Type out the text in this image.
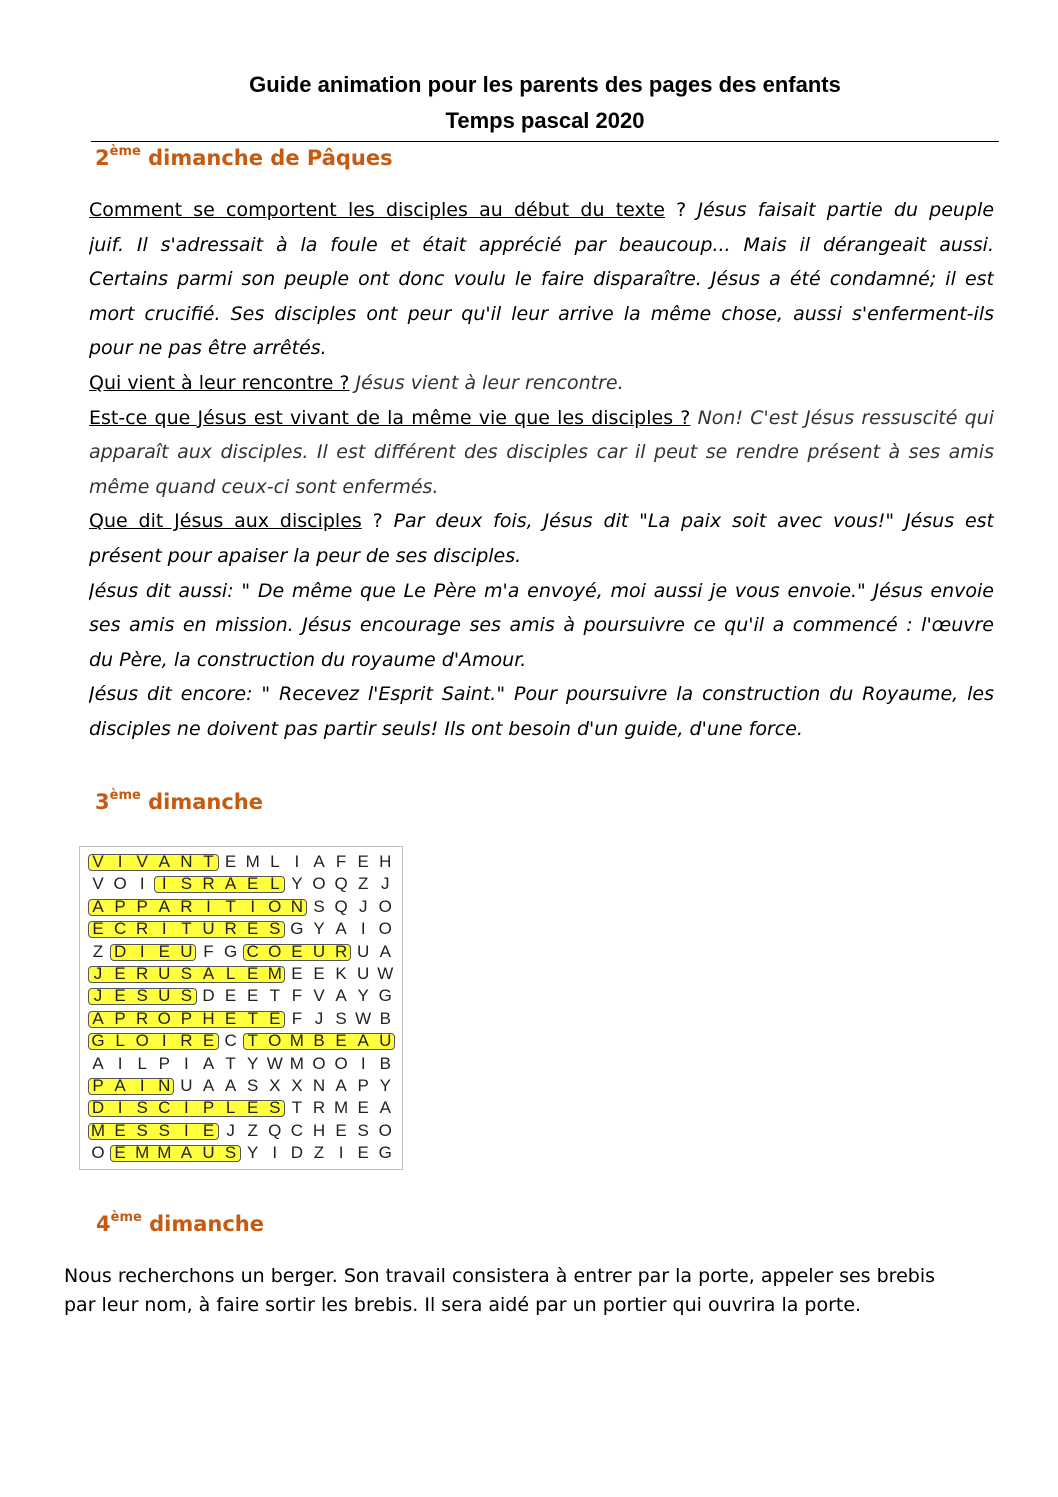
Guide animation pour les parents des pages des enfants
Temps pascal 2020
2ème dimanche de Pâques
Comment se comportent les disciples au début du texte ? Jésus faisait partie du peuple
juif. Il s'adressait à la foule et était apprécié par beaucoup... Mais il dérangeait aussi.
Certains parmi son peuple ont donc voulu le faire disparaître. Jésus a été condamné; il est
mort crucifié. Ses disciples ont peur qu'il leur arrive la même chose, aussi s'enferment-ils
pour ne pas être arrêtés.
Qui vient à leur rencontre ? Jésus vient à leur rencontre.
Est-ce que Jésus est vivant de la même vie que les disciples ? Non! C'est Jésus ressuscité qui
apparaît aux disciples. Il est différent des disciples car il peut se rendre présent à ses amis
même quand ceux-ci sont enfermés.
Que dit Jésus aux disciples ? Par deux fois, Jésus dit "La paix soit avec vous!" Jésus est
présent pour apaiser la peur de ses disciples.
Jésus dit aussi: " De même que Le Père m'a envoyé, moi aussi je vous envoie." Jésus envoie
ses amis en mission. Jésus encourage ses amis à poursuivre ce qu'il a commencé : l'œuvre
du Père, la construction du royaume d'Amour.
Jésus dit encore: " Recevez l'Esprit Saint." Pour poursuivre la construction du Royaume, les
disciples ne doivent pas partir seuls! Ils ont besoin d'un guide, d'une force.
3ème dimanche
V I V A N T E M L I A F E H
V O I	I S R A E L Y O Q Z J
A P P A R I T I O N S Q J O
E C R I T U R E S G Y A I O
Z D I E U F G C O E U R U A
J E R U S A L E M E E K U W
J E S U S D E E T F V A Y G
A P R O P H E T E F J S W B
G L O I R E C T O M B E A U
A I L P I A T Y W M O O I B
P A I N U A A S X X N A P Y
D I S C I P L E S T R M E A
M E S S I E J Z Q C H E S O
O E M M A U S Y I D Z I E G
4ème dimanche
Nous recherchons un berger. Son travail consistera à entrer par la porte, appeler ses brebis
par leur nom, à faire sortir les brebis. Il sera aidé par un portier qui ouvrira la porte.
